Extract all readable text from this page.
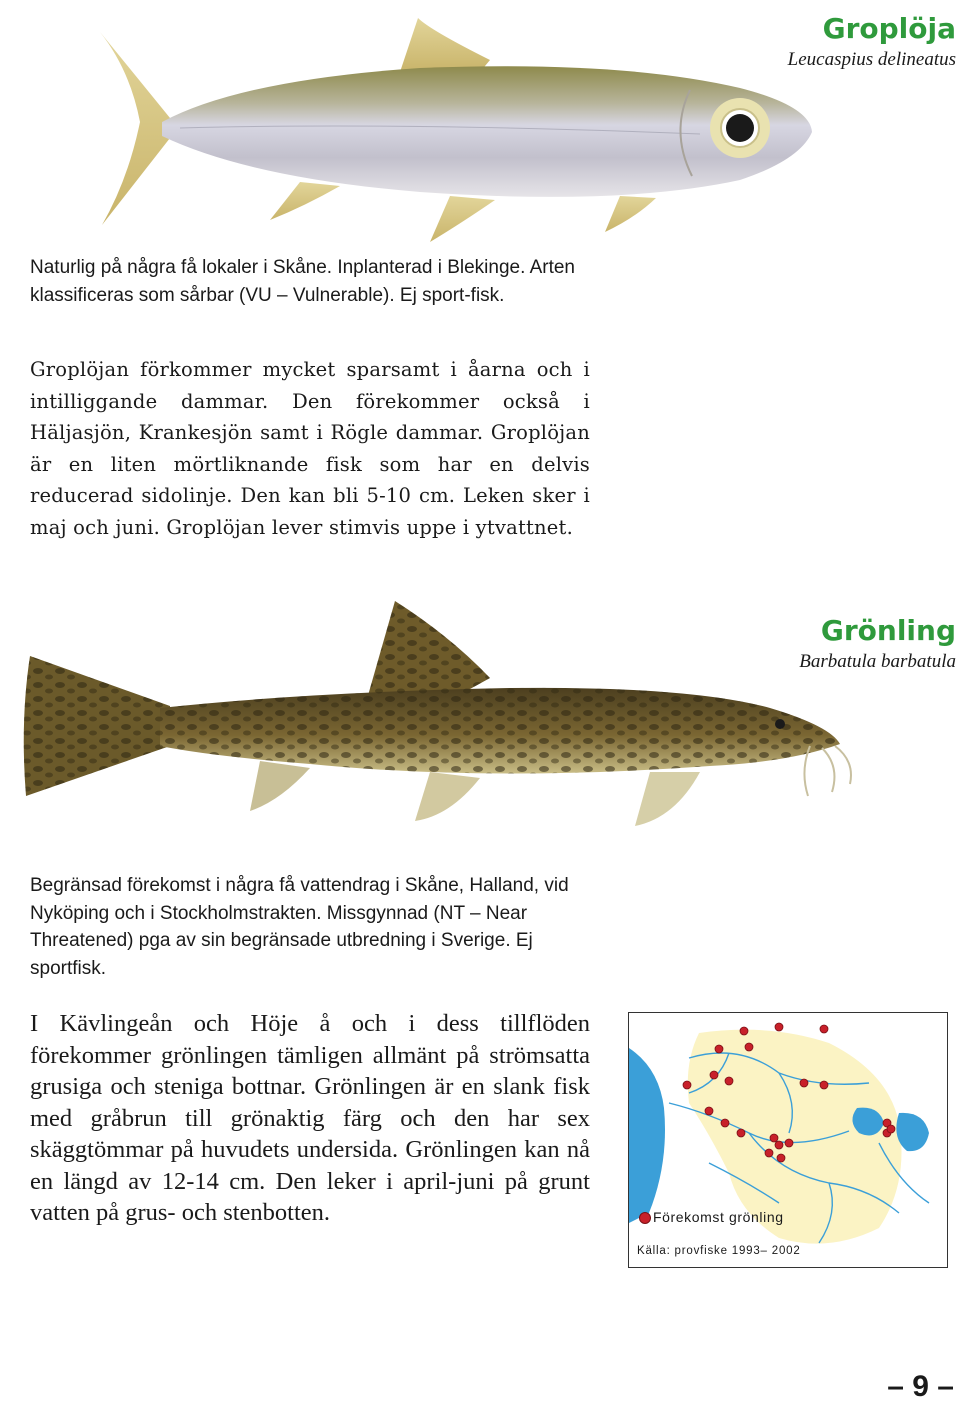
Groplöja
Leucaspius delineatus
Naturlig på några få lokaler i Skåne. Inplanterad i Blekinge. Arten klassificeras som sårbar (VU – Vulnerable). Ej sport-fisk.
Groplöjan förkommer mycket sparsamt i åarna och i intilliggande dammar. Den förekommer också i Häljasjön, Krankesjön samt i Rögle dammar. Groplöjan är en liten mörtliknande fisk som har en delvis reducerad sidolinje. Den kan bli 5-10 cm. Leken sker i maj och juni. Groplöjan lever stimvis uppe i ytvattnet.
Grönling
Barbatula barbatula
Begränsad förekomst i några få vattendrag i Skåne, Halland, vid Nyköping och i Stockholmstrakten. Missgynnad (NT – Near Threatened) pga av sin begränsade utbredning i Sverige. Ej sportfisk.
I Kävlingeån och Höje å och i dess tillflöden förekommer grönlingen tämligen allmänt på strömsatta grusiga och steniga bottnar. Grönlingen är en slank fisk med gråbrun till grönaktig färg och den har sex skäggtömmar på huvudets undersida. Grönlingen kan nå en längd av 12-14 cm. Den leker i april-juni på grunt vatten på grus- och stenbotten.	Förekomst grönling
Källa: provfiske 1993– 2002
– 9 –
